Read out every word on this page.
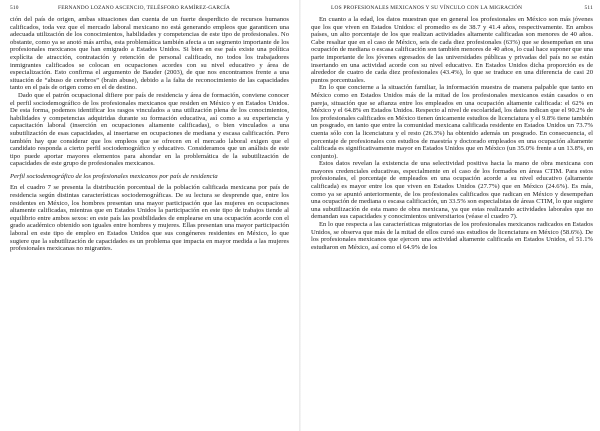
510	FERNANDO LOZANO ASCENCIO, TELÉSFORO RAMÍREZ-GARCÍA

ción del país de origen, ambas situaciones dan cuenta de un fuerte desperdicio de recursos humanos calificados, toda vez que el mercado laboral mexicano no está generando empleos que garanticen una adecuada utilización de los conocimientos, habilidades y competencias de este tipo de profesionales. No obstante, como ya se anotó más arriba, esta problemática también afecta a un segmento importante de los profesionales mexicanos que han emigrado a Estados Unidos. Si bien en ese país existe una política explícita de atracción, contratación y retención de personal calificado, no todos los trabajadores inmigrantes calificados se colocan en ocupaciones acordes con su nivel educativo y área de especialización. Esto confirma el argumento de Bauder (2003), de que nos encontramos frente a una situación de “abuso de cerebros” (brain abuse), debido a la falta de reconocimiento de las capacidades tanto en el país de origen como en el de destino.

Dado que el patrón ocupacional difiere por país de residencia y área de formación, conviene conocer el perfil sociodemográfico de los profesionales mexicanos que residen en México y en Estados Unidos. De esta forma, podemos identificar los rasgos vinculados a una utilización plena de los conocimientos, habilidades y competencias adquiridas durante su formación educativa, así como a su experiencia y capacitación laboral (inserción en ocupaciones altamente calificadas), o bien vinculados a una subutilización de esas capacidades, al insertarse en ocupaciones de mediana y escasa calificación. Pero también hay que considerar que los empleos que se ofrecen en el mercado laboral exigen que el candidato responda a cierto perfil sociodemográfico y educativo. Consideramos que un análisis de este tipo puede aportar mayores elementos para ahondar en la problemática de la subutilización de capacidades de este grupo de profesionales mexicanos.

Perfil sociodemográfico de los profesionales mexicanos por país de residencia

En el cuadro 7 se presenta la distribución porcentual de la población calificada mexicana por país de residencia según distintas características sociodemográficas. De su lectura se desprende que, entre los residentes en México, los hombres presentan una mayor participación que las mujeres en ocupaciones altamente calificadas, mientras que en Estados Unidos la participación en este tipo de trabajos tiende al equilibrio entre ambos sexos: en este país las posibilidades de emplearse en una ocupación acorde con el grado académico obtenido son iguales entre hombres y mujeres. Ellas presentan una mayor participación laboral en este tipo de empleo en Estados Unidos que sus congéneres residentes en México, lo que sugiere que la subutilización de capacidades es un problema que impacta en mayor medida a las mujeres profesionales mexicanas no migrantes.

LOS PROFESIONALES MEXICANOS Y SU VÍNCULO CON LA MIGRACIÓN	511

En cuanto a la edad, los datos muestran que en general los profesionales en México son más jóvenes que los que viven en Estados Unidos: el promedio es de 38.7 y 41.4 años, respectivamente. En ambos países, un alto porcentaje de los que realizan actividades altamente calificadas son menores de 40 años. Cabe resaltar que en el caso de México, seis de cada diez profesionales (63%) que se desempeñan en una ocupación de mediana o escasa calificación son también menores de 40 años, lo cual hace suponer que una parte importante de los jóvenes egresados de las universidades públicas y privadas del país no se están insertando en una actividad acorde con su nivel educativo. En Estados Unidos dicha proporción es de alrededor de cuatro de cada diez profesionales (43.4%), lo que se traduce en una diferencia de casi 20 puntos porcentuales.

En lo que concierne a la situación familiar, la información muestra de manera palpable que tanto en México como en Estados Unidos más de la mitad de los profesionales mexicanos están casados o en pareja, situación que se afianza entre los empleados en una ocupación altamente calificada: el 62% en México y el 64.8% en Estados Unidos. Respecto al nivel de escolaridad, los datos indican que el 90.2% de los profesionales calificados en México tienen únicamente estudios de licenciatura y el 9.8% tiene también un posgrado, en tanto que entre la comunidad mexicana calificada residente en Estados Unidos un 73.7% cuenta sólo con la licenciatura y el resto (26.3%) ha obtenido además un posgrado. En consecuencia, el porcentaje de profesionales con estudios de maestría y doctorado empleados en una ocupación altamente calificada es significativamente mayor en Estados Unidos que en México (un 35.0% frente a un 13.8%, en conjunto).

Estos datos revelan la existencia de una selectividad positiva hacia la mano de obra mexicana con mayores credenciales educativas, especialmente en el caso de los formados en áreas CTIM. Para estos profesionales, el porcentaje de empleados en una ocupación acorde a su nivel educativo (altamente calificada) es mayor entre los que viven en Estados Unidos (27.7%) que en México (24.6%). Es más, como ya se apuntó anteriormente, de los profesionales calificados que radican en México y desempeñan una ocupación de mediana o escasa calificación, un 33.5% son especialistas de áreas CTIM, lo que sugiere una subutilización de esta mano de obra mexicana, ya que estas realizando actividades laborales que no demandan sus capacidades y conocimientos universitarios (véase el cuadro 7).

En lo que respecta a las características migratorias de los profesionales mexicanos radicados en Estados Unidos, se observa que más de la mitad de ellos cursó sus estudios de licenciatura en México (58.6%). De los profesionales mexicanos que ejercen una actividad altamente calificada en Estados Unidos, el 51.1% estudiaron en México, así como el 64.9% de los
